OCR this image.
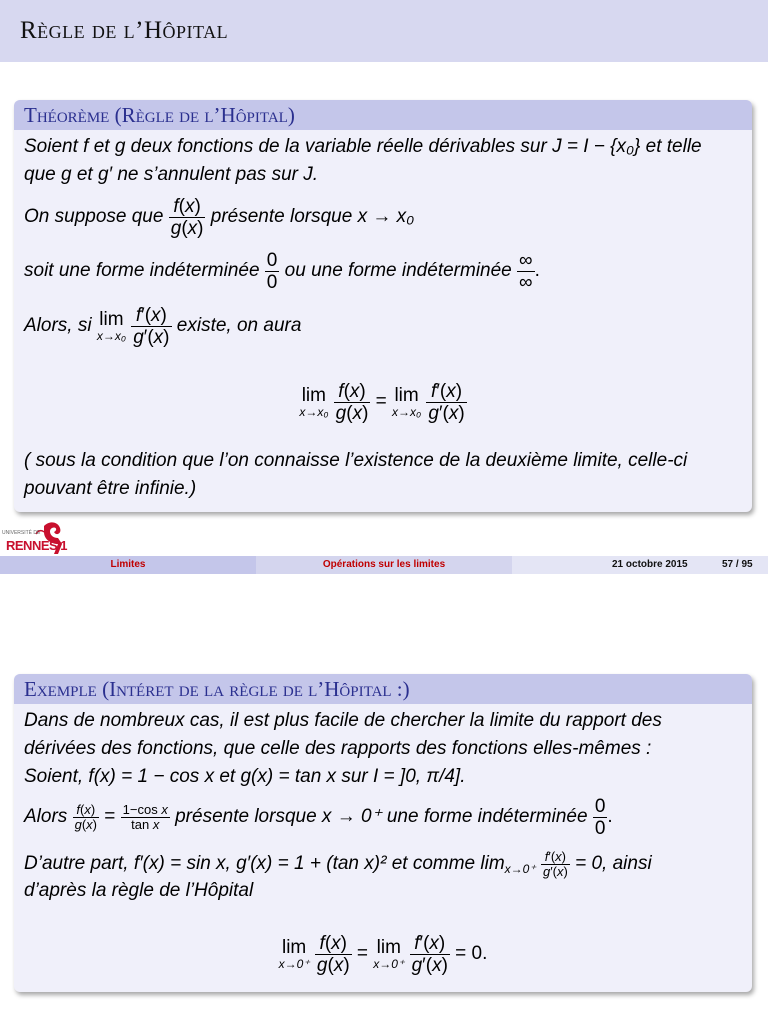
Règle de l’Hôpital
Théorème (Règle de l’Hôpital)
Soient f et g deux fonctions de la variable réelle dérivables sur J = I − {x₀} et telle
que g et g′ ne s’annulent pas sur J.
On suppose que
$\frac{f(x)}{g(x)}$
présente lorsque x → x₀
soit une forme indéterminée
$\frac{0}{0}$
ou une forme indéterminée
$\frac{\infty}{\infty}$ .
Alors, si
lim
x→x₀
$\frac{f'(x)}{g'(x)}$
existe, on aura
lim
x→x₀
$\frac{f(x)}{g(x)} = \lim$
x→x₀
$\frac{f'(x)}{g'(x)}$
( sous la condition que l’on connaisse l’existence de la deuxième limite, celle-ci
pouvant être infinie.)
UNIVERSITÉ DE
RENNES 1
Limites	Opérations sur les limites	21 octobre 2015	57 / 95
Exemple (Intéret de la règle de l’Hôpital :)
Dans de nombreux cas, il est plus facile de chercher la limite du rapport des
dérivées des fonctions, que celle des rapports des fonctions elles-mêmes :
Soient, f(x) = 1 − cos x et g(x) = tan x sur I = ]0, π/4].
Alors
$\frac{f(x)}{g(x)} = \frac{\text{1−cos x}}{\text{tan x}}$
présente lorsque x → 0⁺ une forme indéterminée
$\frac{0}{0}$ .
D’autre part, f′(x) = sin x, g′(x) = 1 + (tan x)² et comme lim x→0⁺
$\frac{f'(x)}{g'(x)}$
= 0, ainsi
d’après la règle de l’Hôpital
lim
x→0⁺
$\frac{f(x)}{g(x)} = \lim$
x→0⁺
$\frac{f'(x)}{g'(x)} = 0$.
